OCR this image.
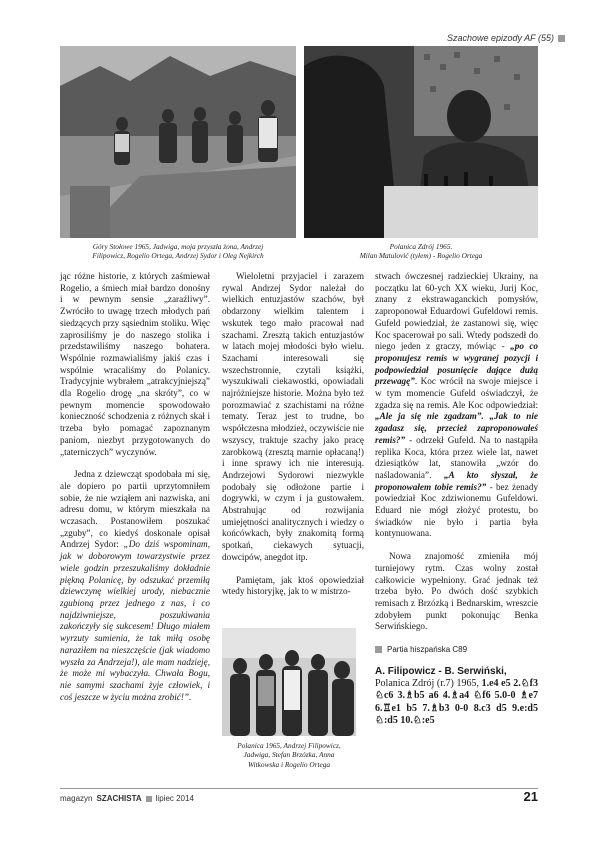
Szachowe epizody AF (55)
Góry Stołowe 1965, Jadwiga, moja przyszła żona, Andrzej
Filipowicz, Rogelio Ortega, Andrzej Sydor i Oleg Nejkirch
Polanica Zdrój 1965.
Milan Matulović (tyłem) - Rogelio Ortega

jąc różne historie, z których zaśmiewał Rogelio, a śmiech miał bardzo donośny i w pewnym sensie „zaraźliwy”. Zwróciło to uwagę trzech młodych pań siedzących przy sąsiednim stoliku. Więc zaprosiliśmy je do naszego stolika i przedstawiliśmy naszego bohatera. Wspólnie rozmawialiśmy jakiś czas i wspólnie wracaliśmy do Polanicy. Tradycyjnie wybrałem „atrakcyjniejszą” dla Rogelio drogę „na skróty”, co w pewnym momencie spowodowało konieczność schodzenia z różnych skał i trzeba było pomagać zapoznanym paniom, niezbyt przygotowanych do „taterniczych” wyczynów.

Jedna z dziewcząt spodobała mi się, ale dopiero po partii uprzytomniłem sobie, że nie wziąłem ani nazwiska, ani adresu domu, w którym mieszkała na wczasach. Postanowiłem poszukać „zguby”, co kiedyś doskonale opisał Andrzej Sydor: „Do dziś wspominam, jak w doborowym towarzystwie przez wiele godzin przeszukaliśmy dokładnie piękną Polanicę, by odszukać przemiłą dziewczynę wielkiej urody, niebacznie zgubioną przez jednego z nas, i co najdziwniejsze, poszukiwania zakończyły się sukcesem! Długo miałem wyrzuty sumienia, że tak miłą osobę naraziłem na nieszczęście (jak wiadomo wyszła za Andrzeja!), ale mam nadzieję, że może mi wybaczyła. Chwała Bogu, nie samymi szachami żyje człowiek, i coś jeszcze w życiu można zrobić!”.

Wieloletni przyjaciel i zarazem rywal Andrzej Sydor należał do wielkich entuzjastów szachów, był obdarzony wielkim talentem i wskutek tego mało pracował nad szachami. Zresztą takich entuzjastów w latach mojej młodości było wielu. Szachami interesowali się wszechstronnie, czytali książki, wyszukiwali ciekawostki, opowiadali najróżniejsze historie. Można było też porozmawiać z szachistami na różne tematy. Teraz jest to trudne, bo współczesna młodzież, oczywiście nie wszyscy, traktuje szachy jako pracę zarobkową (zresztą marnie opłacaną!) i inne sprawy ich nie interesują. Andrzejowi Sydorowi niezwykle podobały się odłożone partie i dogrywki, w czym i ja gustowałem. Abstrahując od rozwijania umiejętności analitycznych i wiedzy o końcówkach, były znakomitą formą spotkań, ciekawych sytuacji, dowcipów, anegdot itp.

Pamiętam, jak ktoś opowiedział wtedy historyjkę, jak to w mistrzo-

Polanica 1965, Andrzej Filipowicz,
Jadwiga, Stefan Brzózka, Anna
Witkowska i Rogelio Ortega

stwach ówczesnej radzieckiej Ukrainy, na początku lat 60-ych XX wieku, Jurij Koc, znany z ekstrawaganckich pomysłów, zaproponował Eduardowi Gufeldowi remis. Gufeld powiedział, że zastanowi się, więc Koc spacerował po sali. Wtedy podszedł do niego jeden z graczy, mówiąc - „po co proponujesz remis w wygranej pozycji i podpowiedział posunięcie dające dużą przewagę”. Koc wrócił na swoje miejsce i w tym momencie Gufeld oświadczył, że zgadza się na remis. Ale Koc odpowiedział: „Ale ja się nie zgadzam”. „Jak to nie zgadasz się, przecież zaproponowałeś remis?” - odrzekł Gufeld. Na to nastąpiła replika Koca, która przez wiele lat, nawet dziesiątków lat, stanowiła „wzór do naśladowania”. „A kto słyszał, że proponowałem tobie remis?” - bez żenady powiedział Koc zdziwionemu Gufeldowi. Eduard nie mógł złożyć protestu, bo świadków nie było i partia była kontynuowana.

Nowa znajomość zmieniła mój turniejowy rytm. Czas wolny został całkowicie wypełniony. Grać jednak też trzeba było. Po dwóch dość szybkich remisach z Brzózką i Bednarskim, wreszcie zdobyłem punkt pokonując Benka Serwińskiego.

Partia hiszpańska C89
A. Filipowicz - B. Serwiński,
Polanica Zdrój (r.7) 1965, 1.e4 e5 2.♘f3 ♘c6 3.♗b5 a6 4.♗a4 ♘f6 5.0-0 ♗e7 6.♖e1 b5 7.♗b3 0-0 8.c3 d5 9.e:d5 ♘:d5 10.♘:e5
magazyn SZACHISTA lipiec 2014	21
